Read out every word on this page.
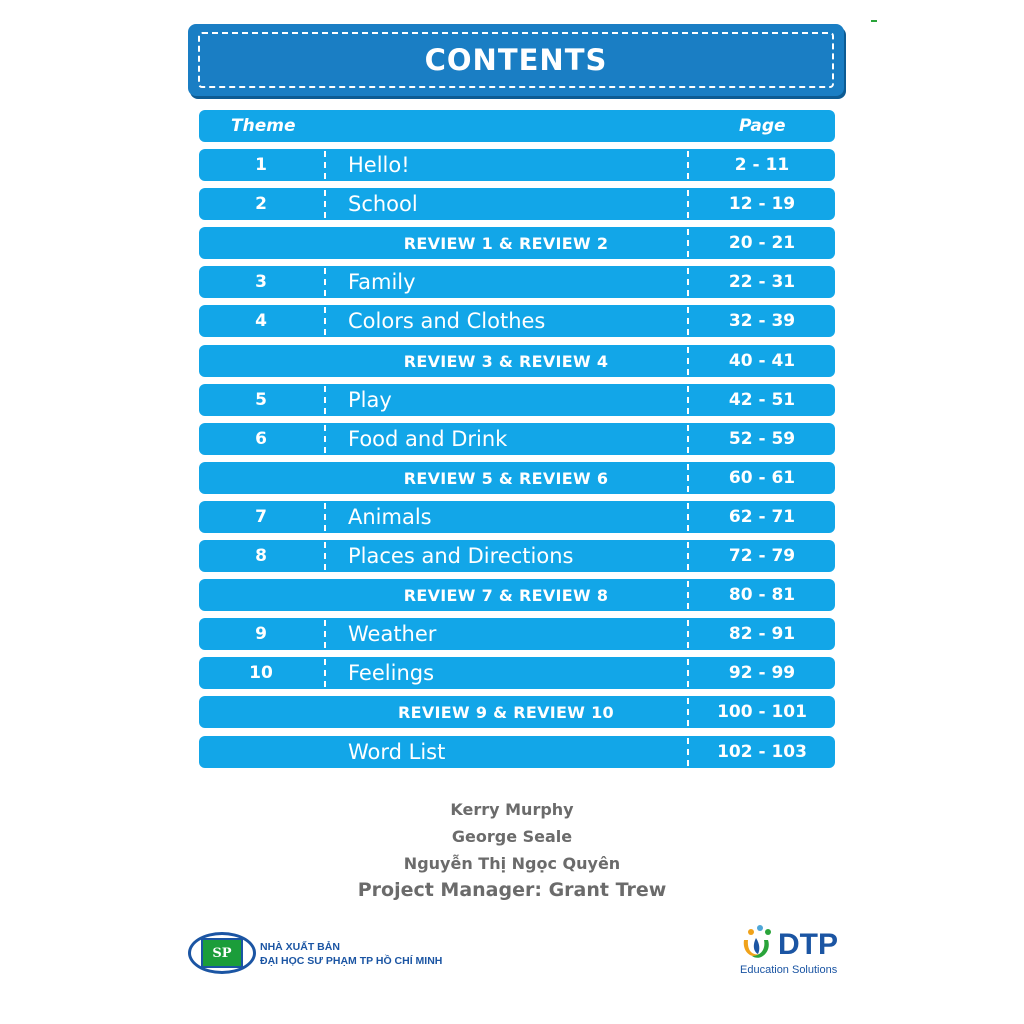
CONTENTS
Theme	Page
1	Hello!	2 - 11
2	School	12 - 19
REVIEW 1 & REVIEW 2	20 - 21
3	Family	22 - 31
4	Colors and Clothes	32 - 39
REVIEW 3 & REVIEW 4	40 - 41
5	Play	42 - 51
6	Food and Drink	52 - 59
REVIEW 5 & REVIEW 6	60 - 61
7	Animals	62 - 71
8	Places and Directions	72 - 79
REVIEW 7 & REVIEW 8	80 - 81
9	Weather	82 - 91
10	Feelings	92 - 99
REVIEW 9 & REVIEW 10	100 - 101
Word List	102 - 103
Kerry Murphy
George Seale
Nguyễn Thị Ngọc Quyên
Project Manager: Grant Trew
SP	NHÀ XUẤT BẢN
ĐẠI HỌC SƯ PHẠM TP HỒ CHÍ MINH	DTP
Education Solutions
